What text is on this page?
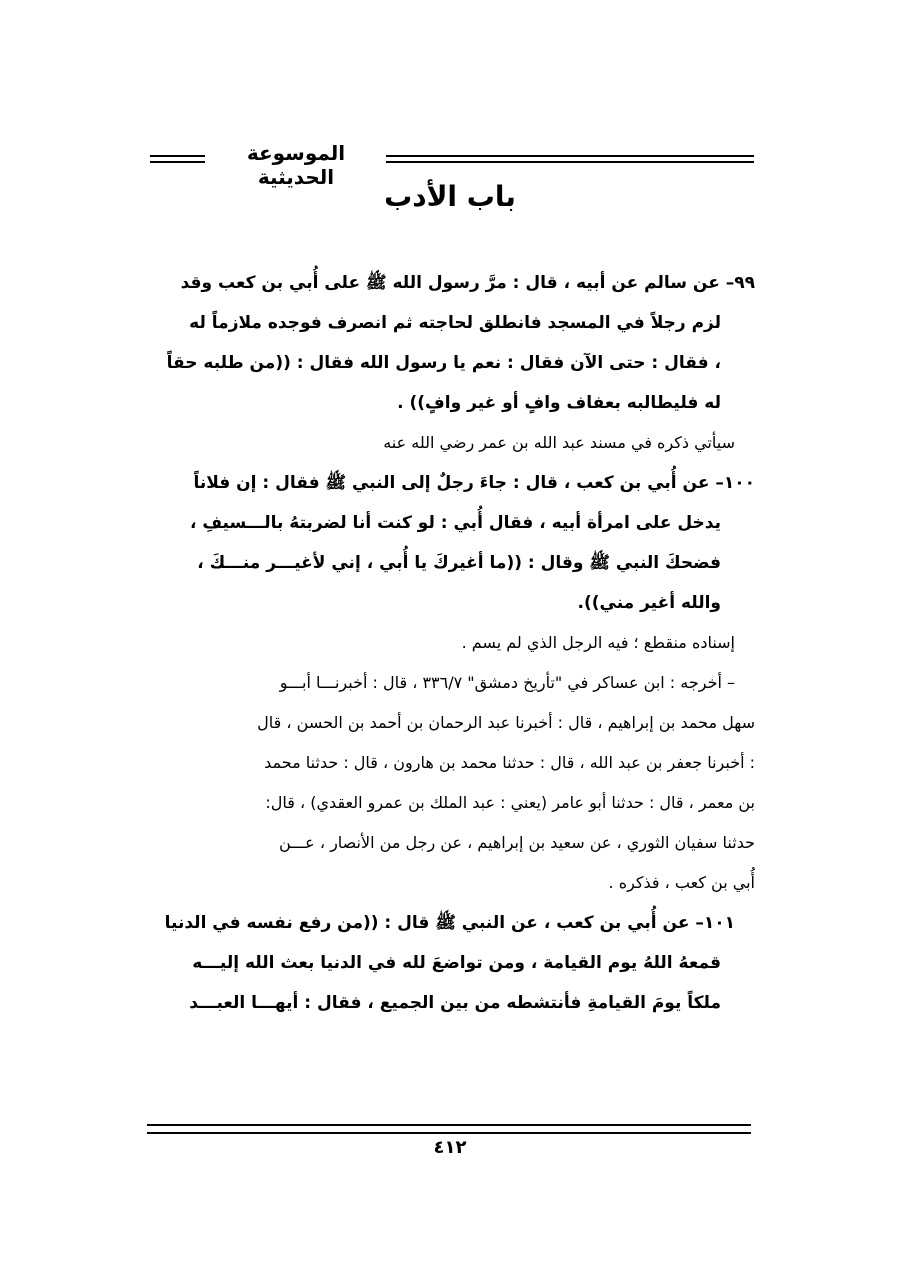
الموسوعة الحديثية
باب الأدب
٩٩– عن سالم عن أبيه ، قال : مرَّ رسول الله ﷺ على أُبي بن كعب وقد
لزم رجلاً في المسجد فانطلق لحاجته ثم انصرف فوجده ملازماً له
، فقال : حتى الآن فقال : نعم يا رسول الله فقال : ((من طلبه حقاً
له فليطالبه بعفاف وافٍ أو غير وافٍ)) .
سيأتي ذكره في مسند عبد الله بن عمر رضي الله عنه
١٠٠– عن أُبي بن كعب ، قال : جاءَ رجلٌ إلى النبي ﷺ فقال : إن فلاناً
يدخل على امرأة أبيه ، فقال أُبي : لو كنت أنا لضربتهُ بالـــسيفِ ،
فضحكَ النبي ﷺ وقال : ((ما أغيركَ يا أُبي ، إني لأغيـــر منـــكَ ،
والله أغير مني)).
إسناده منقطع ؛ فيه الرجل الذي لم يسم .
– أخرجه : ابن عساكر في "تأريخ دمشق" ٣٣٦/٧ ، قال : أخبرنـــا أبـــو
سهل محمد بن إبراهيم ، قال : أخبرنا عبد الرحمان بن أحمد بن الحسن ، قال
: أخبرنا جعفر بن عبد الله ، قال : حدثنا محمد بن هارون ، قال : حدثنا محمد
بن معمر ، قال : حدثنا أبو عامر (يعني : عبد الملك بن عمرو العقدي) ، قال:
حدثنا سفيان الثوري ، عن سعيد بن إبراهيم ، عن رجل من الأنصار ، عـــن
أُبي بن كعب ، فذكره .
١٠١– عن أُبي بن كعب ، عن النبي ﷺ قال : ((من رفع نفسه في الدنيا
قمعهُ اللهُ يوم القيامة ، ومن تواضعَ لله في الدنيا بعث الله إليـــه
ملكاً يومَ القيامةِ فأنتشطه من بين الجميع ، فقال : أيهـــا العبـــد
٤١٢
